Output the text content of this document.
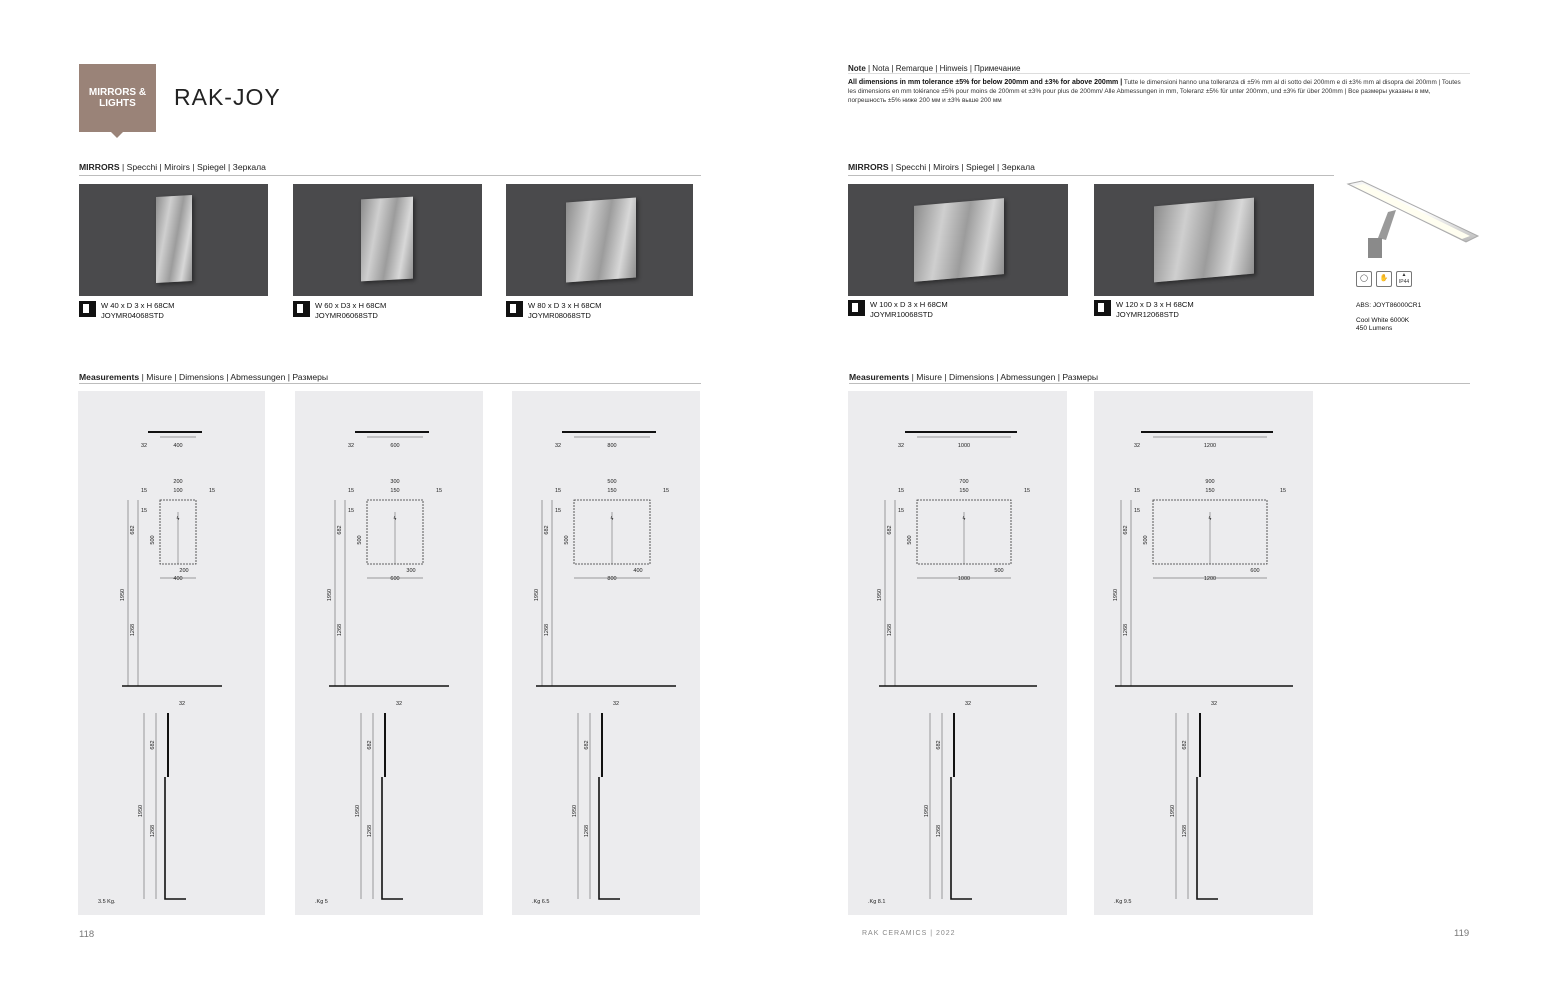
MIRRORS & LIGHTS	RAK-JOY
Note | Nota | Remarque | Hinweis | Примечание
All dimensions in mm tolerance ±5% for below 200mm and ±3% for above 200mm | Tutte le dimensioni hanno una tolleranza di ±5% mm al di sotto dei 200mm e di ±3% mm al disopra dei 200mm | Toutes les dimensions en mm tolérance ±5% pour moins de 200mm et ±3% pour plus de 200mm/ Alle Abmessungen in mm, Toleranz ±5% für unter 200mm, und ±3% für über 200mm | Все размеры указаны в мм, погрешность ±5% ниже 200 мм и ±3% выше 200 мм
MIRRORS | Specchi | Miroirs | Spiegel | Зеркала	MIRRORS | Specchi | Miroirs | Spiegel | Зеркала
◯	✋	▲
IP44
ABS: JOYT86000CR1
Cool White 6000K
450 Lumens
W 40 x D 3 x H 68CM
JOYMR04068STD
W 60 x D3 x H 68CM
JOYMR06068STD
W 80 x D 3 x H 68CM
JOYMR08068STD
W 100 x D 3 x H 68CM
JOYMR10068STD
W 120 x D 3 x H 68CM
JOYMR12068STD
Measurements | Misure | Dimensions | Abmessungen | Размеры	Measurements | Misure | Dimensions | Abmessungen | Размеры
32	400
ϟ
200
15	15
100
15
200
400
682
500
1950
1268
32
682
1950
1268
3.5 Kg.
32	600
ϟ
300
15	15
150
15
300
600
682
500
1950
1268
32
682
1950
1268
.Kg 5
32	800
ϟ
500
15	15
150
15
400
800
682
500
1950
1268
32
682
1950
1268
.Kg 6.5
32	1000
ϟ
700
15	15
150
15
500
1000
682
500
1950
1268
32
682
1950
1268
.Kg 8.1
32	1200
ϟ
900
15	15
150
15
600
1200
682
500
1950
1268
32
682
1950
1268
.Kg 9.5
118	RAK CERAMICS | 2022	119
